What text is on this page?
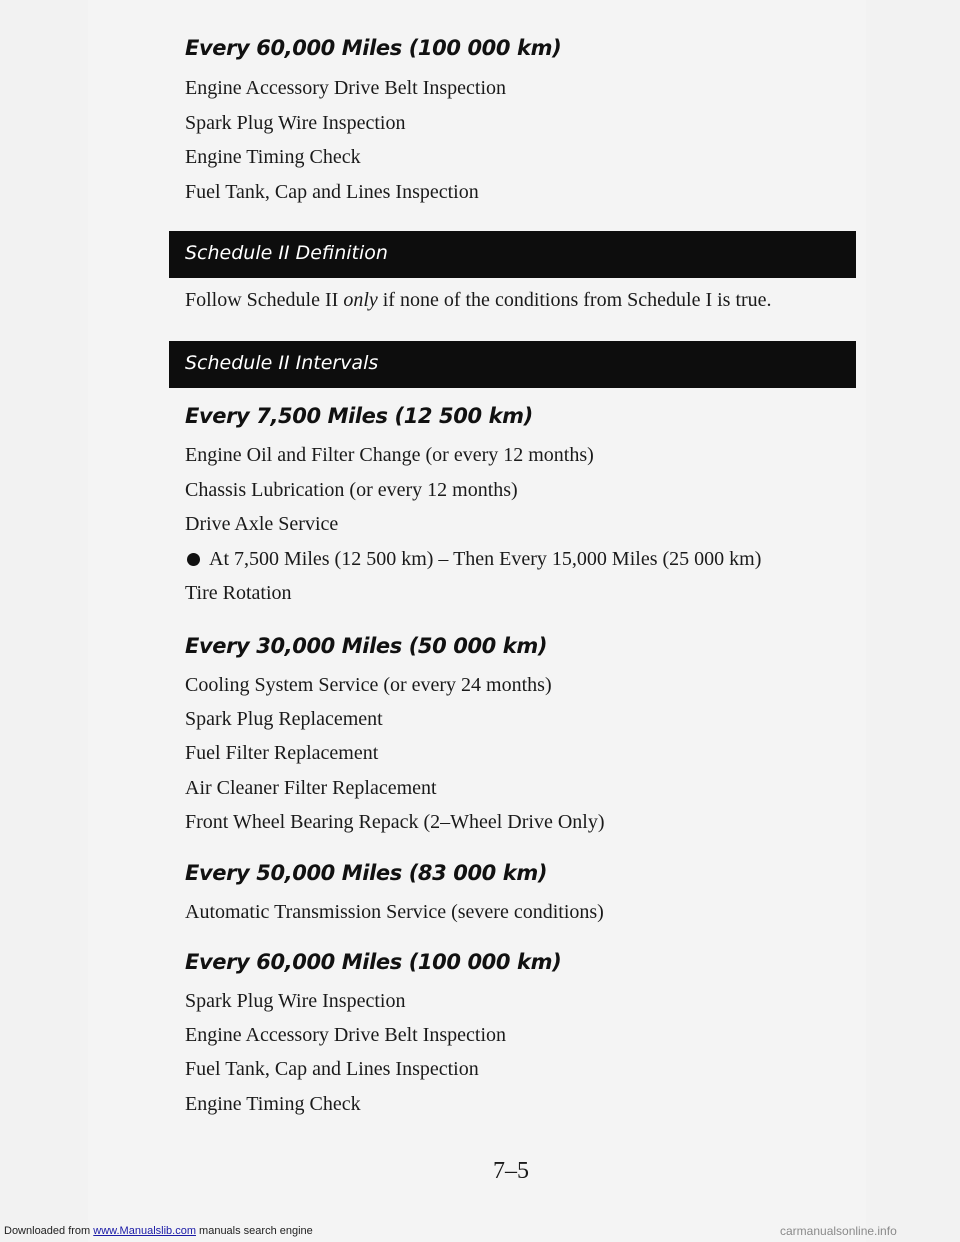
Every 60,000 Miles (100 000 km)

Engine Accessory Drive Belt Inspection

Spark Plug Wire Inspection

Engine Timing Check

Fuel Tank, Cap and Lines Inspection

Schedule II Definition

Follow Schedule II only if none of the conditions from Schedule I is true.

Schedule II Intervals
Every 7,500 Miles (12 500 km)

Engine Oil and Filter Change (or every 12 months)

Chassis Lubrication (or every 12 months)

Drive Axle Service

At 7,500 Miles (12 500 km) – Then Every 15,000 Miles (25 000 km)

Tire Rotation

Every 30,000 Miles (50 000 km)

Cooling System Service (or every 24 months)

Spark Plug Replacement

Fuel Filter Replacement

Air Cleaner Filter Replacement

Front Wheel Bearing Repack (2–Wheel Drive Only)

Every 50,000 Miles (83 000 km)

Automatic Transmission Service (severe conditions)

Every 60,000 Miles (100 000 km)

Spark Plug Wire Inspection

Engine Accessory Drive Belt Inspection

Fuel Tank, Cap and Lines Inspection

Engine Timing Check

7–5

Downloaded from www.Manualslib.com manuals search engine	carmanualsonline.info
